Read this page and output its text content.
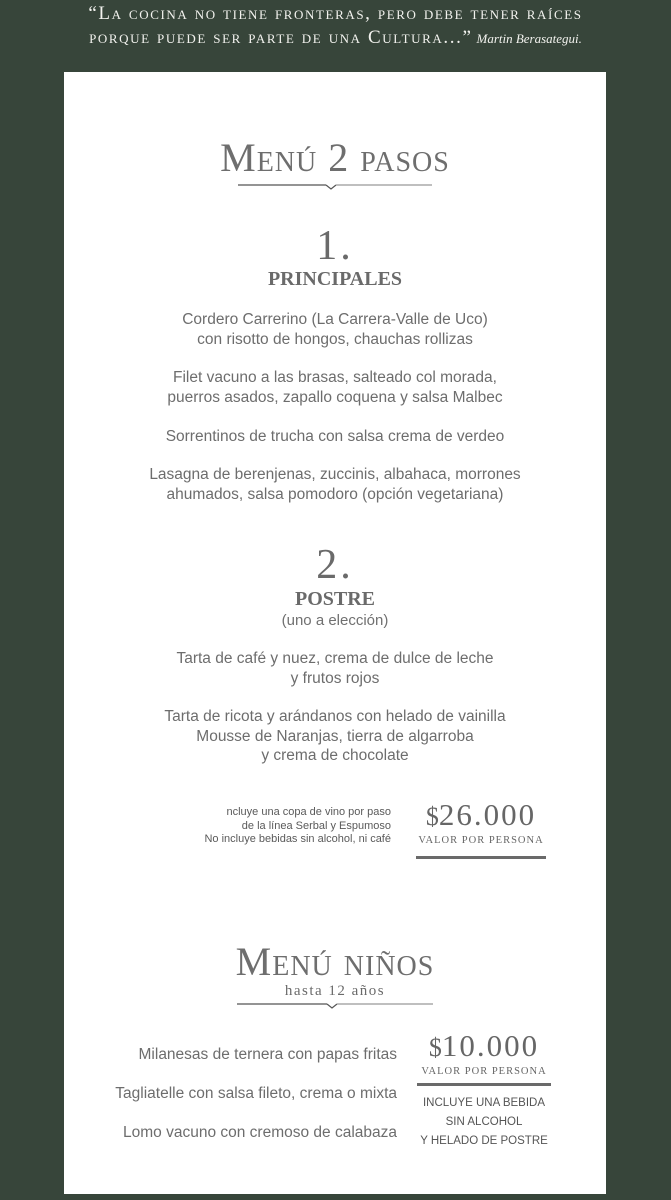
“La cocina no tiene fronteras, pero debe tener raíces
porque puede ser parte de una Cultura...” Martin Berasategui.
Menú 2 pasos
1.
PRINCIPALES
Cordero Carrerino (La Carrera-Valle de Uco)
con risotto de hongos, chauchas rollizas
Filet vacuno a las brasas, salteado col morada,
puerros asados, zapallo coquena y salsa Malbec
Sorrentinos de trucha con salsa crema de verdeo
Lasagna de berenjenas, zuccinis, albahaca, morrones
ahumados, salsa pomodoro (opción vegetariana)
2.
POSTRE
(uno a elección)
Tarta de café y nuez, crema de dulce de leche
y frutos rojos
Tarta de ricota y arándanos con helado de vainilla
Mousse de Naranjas, tierra de algarroba
y crema de chocolate
ncluye una copa de vino por paso
de la línea Serbal y Espumoso
No incluye bebidas sin alcohol, ni café
$26.000
VALOR POR PERSONA
Menú niños
hasta 12 años
Milanesas de ternera con papas fritas
Tagliatelle con salsa fileto, crema o mixta
Lomo vacuno con cremoso de calabaza
$10.000
VALOR POR PERSONA
INCLUYE UNA BEBIDA
SIN ALCOHOL
Y HELADO DE POSTRE
